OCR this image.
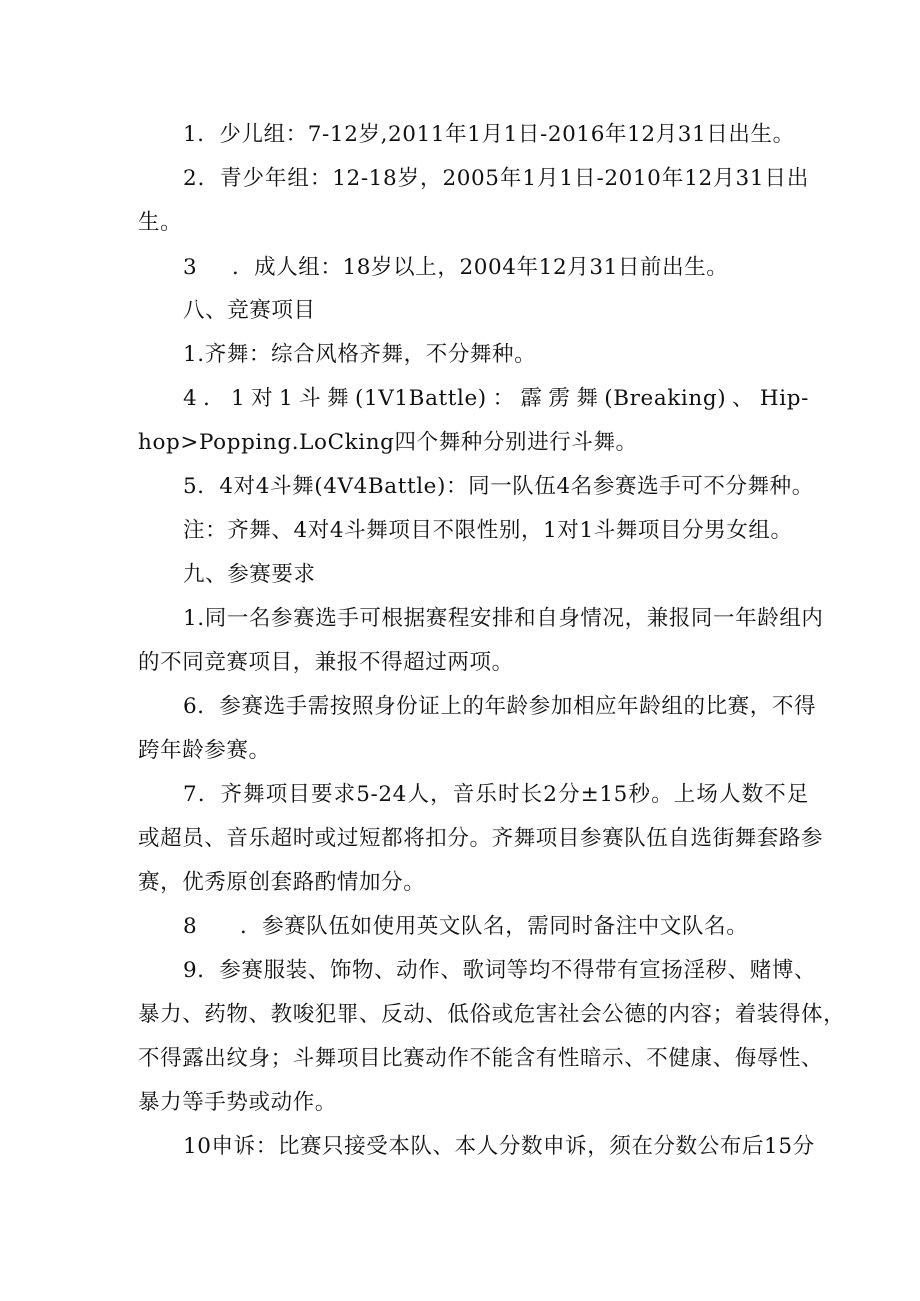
1．少儿组：7-12岁,2011年1月1日-2016年12月31日出生。
2．青少年组：12-18岁，2005年1月1日-2010年12月31日出
生。
3 ．成人组：18岁以上，2004年12月31日前出生。
八、竞赛项目
1.齐舞：综合风格齐舞，不分舞种。
4．1对1斗舞(1V1Battle)：霹雳舞(Breaking)、Hip-
hop>Popping.LoCking四个舞种分别进行斗舞。
5．4对4斗舞(4V4Battle)：同一队伍4名参赛选手可不分舞种。
注：齐舞、4对4斗舞项目不限性别，1对1斗舞项目分男女组。
九、参赛要求
1.同一名参赛选手可根据赛程安排和自身情况，兼报同一年龄组内
的不同竞赛项目，兼报不得超过两项。
6．参赛选手需按照身份证上的年龄参加相应年龄组的比赛，不得
跨年龄参赛。
7．齐舞项目要求5-24人，音乐时长2分±15秒。上场人数不足
或超员、音乐超时或过短都将扣分。齐舞项目参赛队伍自选街舞套路参
赛，优秀原创套路酌情加分。
8 ．参赛队伍如使用英文队名，需同时备注中文队名。
9．参赛服装、饰物、动作、歌词等均不得带有宣扬淫秽、赌博、
暴力、药物、教唆犯罪、反动、低俗或危害社会公德的内容；着装得体，
不得露出纹身；斗舞项目比赛动作不能含有性暗示、不健康、侮辱性、
暴力等手势或动作。
10申诉：比赛只接受本队、本人分数申诉，须在分数公布后15分
